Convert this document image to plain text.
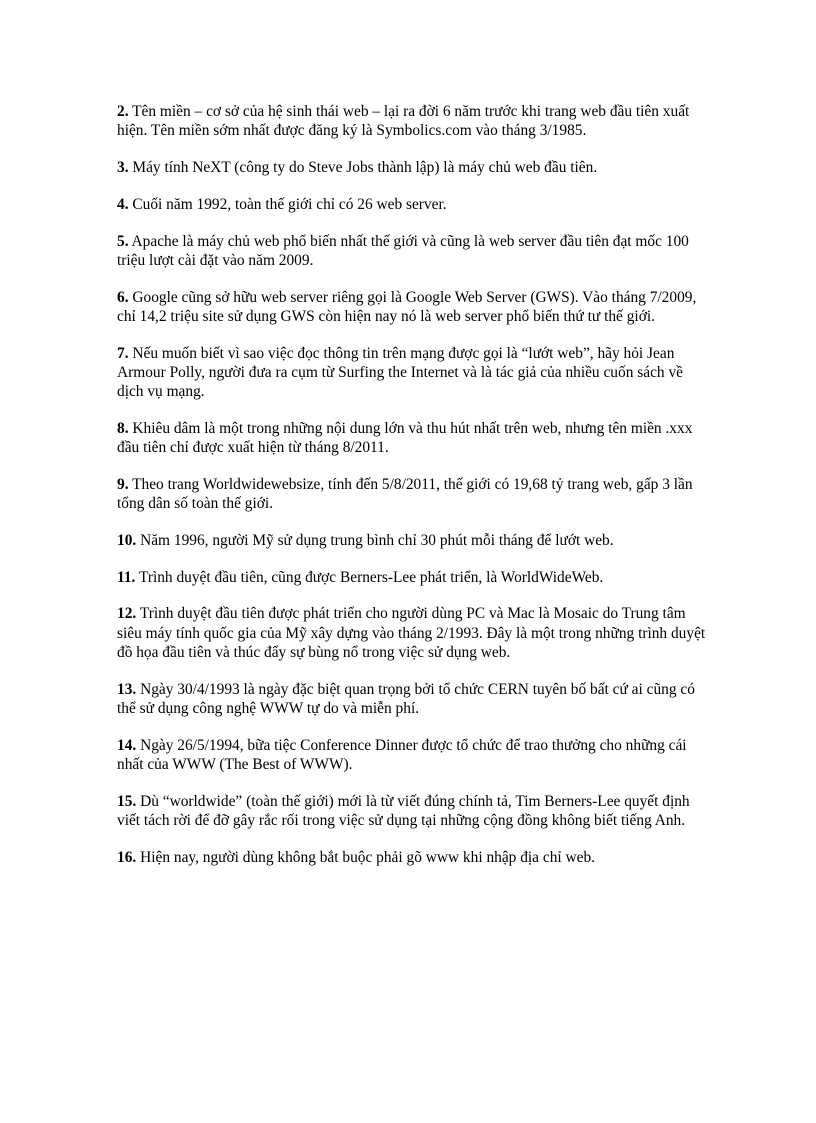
2. Tên miền – cơ sở của hệ sinh thái web – lại ra đời 6 năm trước khi trang web đầu tiên xuất hiện. Tên miền sớm nhất được đăng ký là Symbolics.com vào tháng 3/1985.

3. Máy tính NeXT (công ty do Steve Jobs thành lập) là máy chủ web đầu tiên.

4. Cuối năm 1992, toàn thế giới chỉ có 26 web server.

5. Apache là máy chủ web phổ biến nhất thế giới và cũng là web server đầu tiên đạt mốc 100 triệu lượt cài đặt vào năm 2009.

6. Google cũng sở hữu web server riêng gọi là Google Web Server (GWS). Vào tháng 7/2009, chỉ 14,2 triệu site sử dụng GWS còn hiện nay nó là web server phổ biến thứ tư thế giới.

7. Nếu muốn biết vì sao việc đọc thông tin trên mạng được gọi là “lướt web”, hãy hỏi Jean Armour Polly, người đưa ra cụm từ Surfing the Internet và là tác giả của nhiều cuốn sách về dịch vụ mạng.

8. Khiêu dâm là một trong những nội dung lớn và thu hút nhất trên web, nhưng tên miền .xxx đầu tiên chỉ được xuất hiện từ tháng 8/2011.

9. Theo trang Worldwidewebsize, tính đến 5/8/2011, thế giới có 19,68 tỷ trang web, gấp 3 lần tổng dân số toàn thế giới.

10. Năm 1996, người Mỹ sử dụng trung bình chỉ 30 phút mỗi tháng để lướt web.

11. Trình duyệt đầu tiên, cũng được Berners-Lee phát triển, là WorldWideWeb.

12. Trình duyệt đầu tiên được phát triển cho người dùng PC và Mac là Mosaic do Trung tâm siêu máy tính quốc gia của Mỹ xây dựng vào tháng 2/1993. Đây là một trong những trình duyệt đồ họa đầu tiên và thúc đẩy sự bùng nổ trong việc sử dụng web.

13. Ngày 30/4/1993 là ngày đặc biệt quan trọng bởi tổ chức CERN tuyên bố bất cứ ai cũng có thể sử dụng công nghệ WWW tự do và miễn phí.

14. Ngày 26/5/1994, bữa tiệc Conference Dinner được tổ chức để trao thưởng cho những cái nhất của WWW (The Best of WWW).

15. Dù “worldwide” (toàn thế giới) mới là từ viết đúng chính tả, Tim Berners-Lee quyết định viết tách rời để đỡ gây rắc rối trong việc sử dụng tại những cộng đồng không biết tiếng Anh.

16. Hiện nay, người dùng không bắt buộc phải gõ www khi nhập địa chỉ web.
